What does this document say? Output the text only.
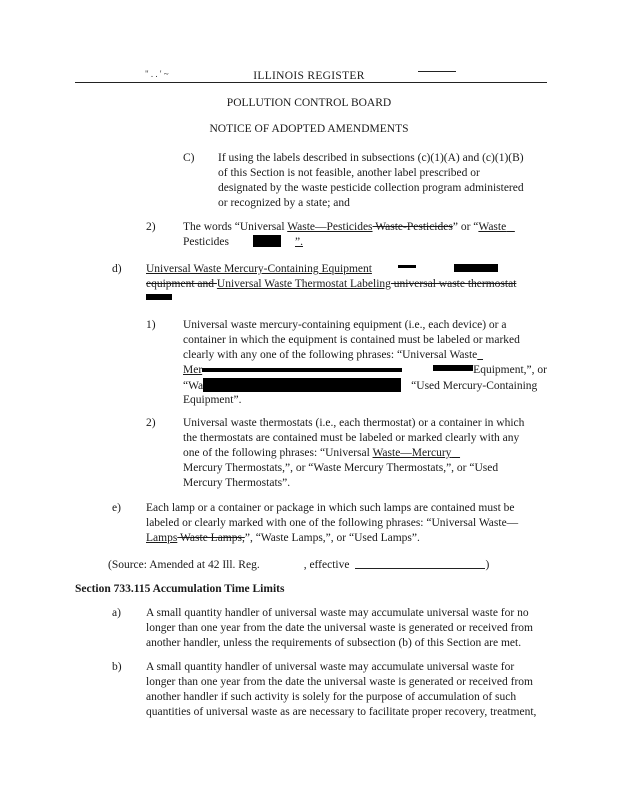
" . . ' ~	ILLINOIS REGISTER
POLLUTION CONTROL BOARD
NOTICE OF ADOPTED AMENDMENTS
C) If using the labels described in subsections (c)(1)(A) and (c)(1)(B)
of this Section is not feasible, another label prescribed or
designated by the waste pesticide collection program administered
or recognized by a state; and
2) The words “Universal Waste—Pesticides Waste-Pesticides” or “Waste
Pesticides	”.
d) Universal Waste Mercury-Containing Equipment
equipment and Universal Waste Thermostat Labeling universal waste thermostat
1) Universal waste mercury-containing equipment (i.e., each device) or a
container in which the equipment is contained must be labeled or marked
clearly with any one of the following phrases: “Universal Waste
Mer	Equipment,”, or
“Wa	“Used Mercury-Containing
Equipment”.
2) Universal waste thermostats (i.e., each thermostat) or a container in which
the thermostats are contained must be labeled or marked clearly with any
one of the following phrases: “Universal Waste—Mercury
Mercury Thermostats,”, or “Waste Mercury Thermostats,”, or “Used
Mercury Thermostats”.
e) Each lamp or a container or package in which such lamps are contained must be
labeled or clearly marked with one of the following phrases: “Universal Waste—
Lamps Waste Lamps,”, “Waste Lamps,”, or “Used Lamps”.
(Source: Amended at 42 Ill. Reg.	, effective	)
Section 733.115 Accumulation Time Limits
a) A small quantity handler of universal waste may accumulate universal waste for no
longer than one year from the date the universal waste is generated or received from
another handler, unless the requirements of subsection (b) of this Section are met.
b) A small quantity handler of universal waste may accumulate universal waste for
longer than one year from the date the universal waste is generated or received from
another handler if such activity is solely for the purpose of accumulation of such
quantities of universal waste as are necessary to facilitate proper recovery, treatment,
